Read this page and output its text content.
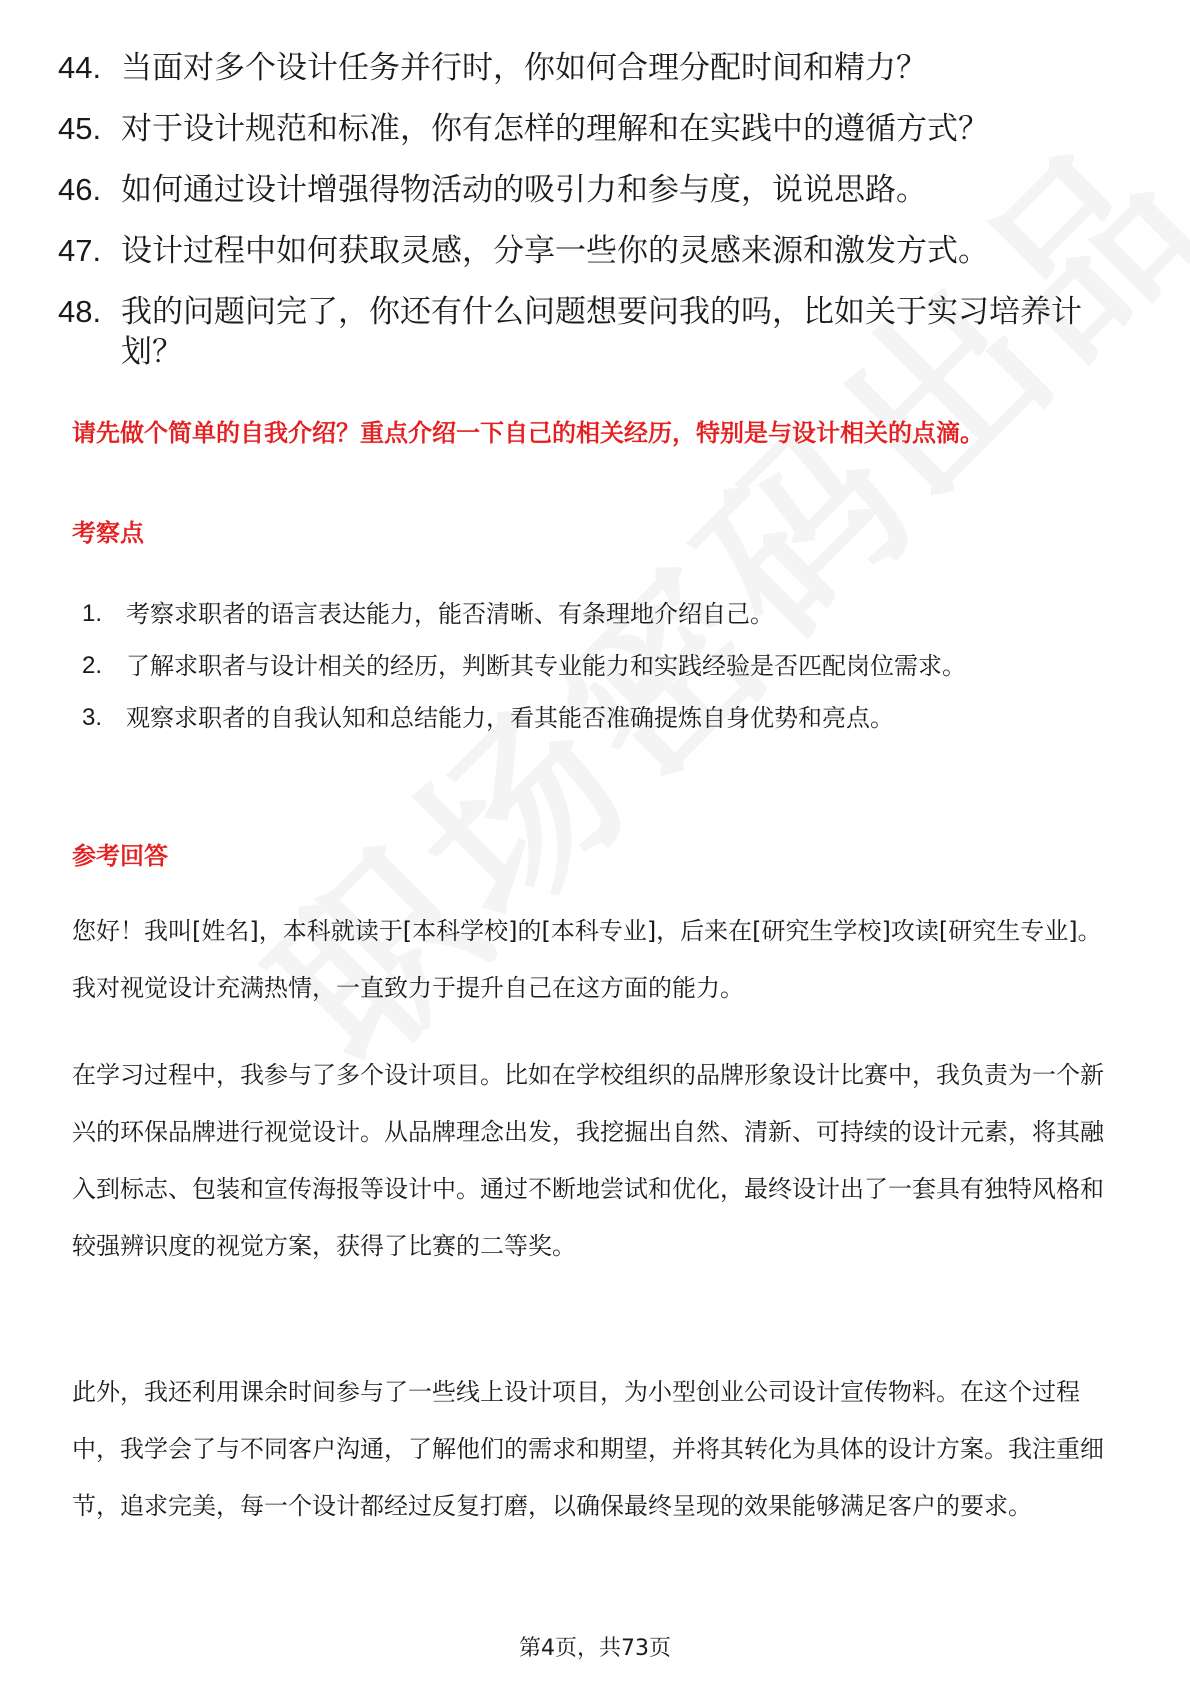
44. 当面对多个设计任务并行时，你如何合理分配时间和精力？
45. 对于设计规范和标准，你有怎样的理解和在实践中的遵循方式？
46. 如何通过设计增强得物活动的吸引力和参与度，说说思路。
47. 设计过程中如何获取灵感，分享一些你的灵感来源和激发方式。
48. 我的问题问完了，你还有什么问题想要问我的吗，比如关于实习培养计划？
请先做个简单的自我介绍？重点介绍一下自己的相关经历，特别是与设计相关的点滴。
考察点
1. 考察求职者的语言表达能力，能否清晰、有条理地介绍自己。
2. 了解求职者与设计相关的经历，判断其专业能力和实践经验是否匹配岗位需求。
3. 观察求职者的自我认知和总结能力，看其能否准确提炼自身优势和亮点。
参考回答

您好！我叫[姓名]，本科就读于[本科学校]的[本科专业]，后来在[研究生学校]攻读[研究生专业]。我对视觉设计充满热情，一直致力于提升自己在这方面的能力。

在学习过程中，我参与了多个设计项目。比如在学校组织的品牌形象设计比赛中，我负责为一个新兴的环保品牌进行视觉设计。从品牌理念出发，我挖掘出自然、清新、可持续的设计元素，将其融入到标志、包装和宣传海报等设计中。通过不断地尝试和优化，最终设计出了一套具有独特风格和较强辨识度的视觉方案，获得了比赛的二等奖。

此外，我还利用课余时间参与了一些线上设计项目，为小型创业公司设计宣传物料。在这个过程中，我学会了与不同客户沟通，了解他们的需求和期望，并将其转化为具体的设计方案。我注重细节，追求完美，每一个设计都经过反复打磨，以确保最终呈现的效果能够满足客户的要求。

第4页，共73页
